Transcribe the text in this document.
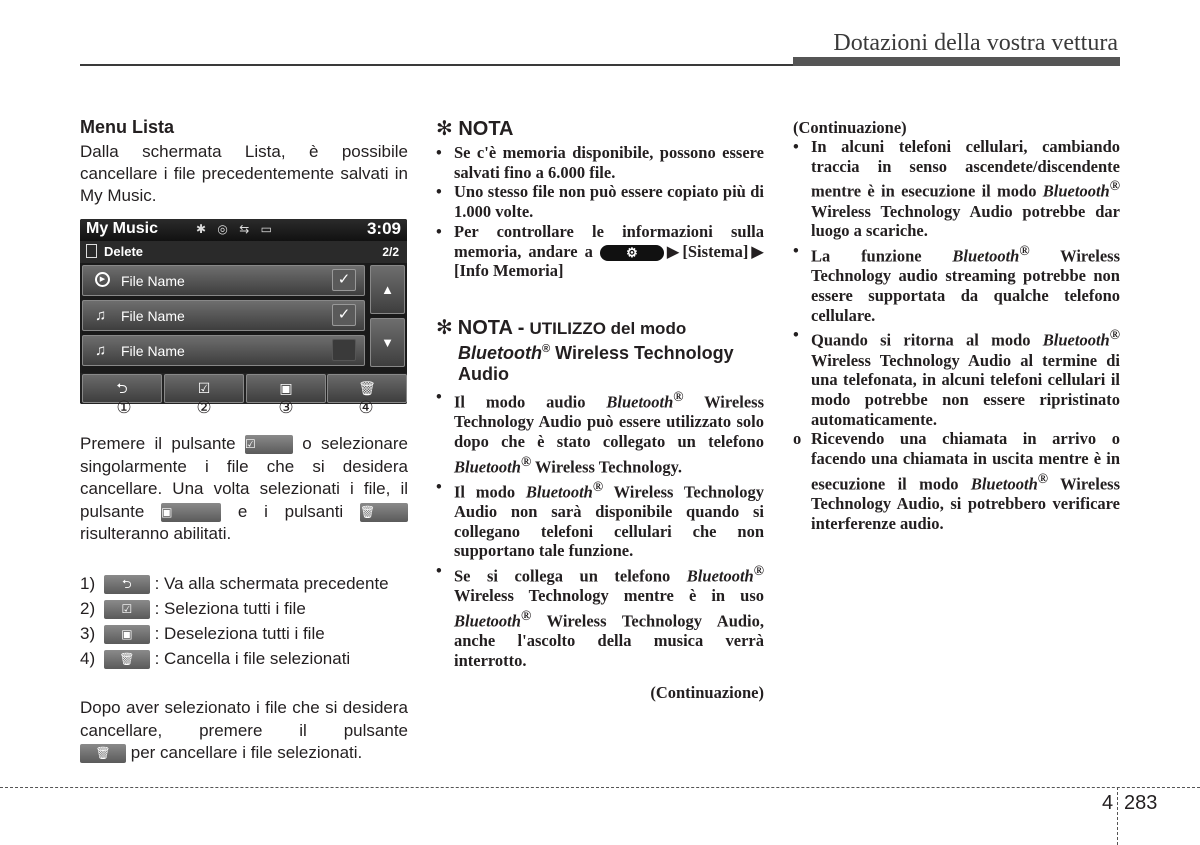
Dotazioni della vostra vettura
Menu Lista
Dalla schermata Lista, è possibile cancellare i file precedentemente salvati in My Music.
My Music	✱ ◎ ⇆ ▭	3:09
Delete	2/2
▶	File Name	✓
♫ File Name	✓
♫ File Name
▲
▼
⮌	☑	▣	🗑
①	②	③	④
Premere il pulsante ☑	o selezionare singolarmente i file che si desidera cancellare. Una volta selezionati i file, il
pulsante ▣	e i pulsanti 🗑
risulteranno abilitati.
1) ⮌ : Va alla schermata precedente
2) ☑ : Seleziona tutti i file
3) ▣ : Deseleziona tutti i file
4) 🗑 : Cancella i file selezionati
Dopo aver selezionato i file che si desidera cancellare, premere il pulsante
🗑 per cancellare i file selezionati.
✻ NOTA
• Se c'è memoria disponibile, possono essere salvati fino a 6.000 file.
• Uno stesso file non può essere copiato più di 1.000 volte.
• Per controllare le informazioni sulla memoria, andare a	⚙ ▶[Sistema]▶ [Info Memoria]
✻ NOTA - UTILIZZO del modo
Bluetooth® Wireless Technology
Audio
• Il modo audio Bluetooth® Wireless Technology Audio può essere utilizzato solo dopo che è stato collegato un telefono Bluetooth® Wireless Technology.
• Il modo Bluetooth® Wireless Technology Audio non sarà disponibile quando si collegano telefoni cellulari che non supportano tale funzione.
• Se si collega un telefono Bluetooth® Wireless Technology mentre è in uso Bluetooth® Wireless Technology Audio, anche l'ascolto della musica verrà interrotto.
(Continuazione)
(Continuazione)
• In alcuni telefoni cellulari, cambiando traccia in senso ascendete/discendente mentre è in esecuzione il modo Bluetooth® Wireless Technology Audio potrebbe dar luogo a scariche.
• La funzione Bluetooth® Wireless Technology audio streaming potrebbe non essere supportata da qualche telefono cellulare.
• Quando si ritorna al modo Bluetooth® Wireless Technology Audio al termine di una telefonata, in alcuni telefoni cellulari il modo potrebbe non essere ripristinato automaticamente.
o Ricevendo una chiamata in arrivo o facendo una chiamata in uscita mentre è in esecuzione il modo Bluetooth® Wireless Technology Audio, si potrebbero verificare interferenze audio.
4 283
